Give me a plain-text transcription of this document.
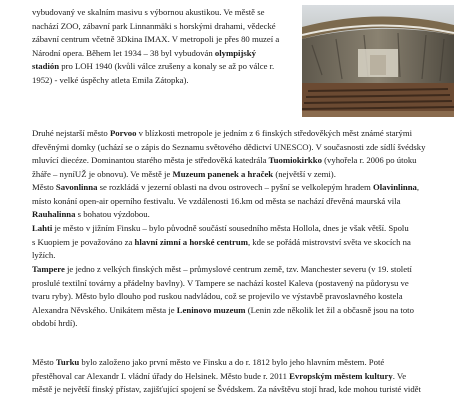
vybudovaný ve skalním masivu s výbornou akustikou. Ve městě se
nachází ZOO, zábavní park Linnanmäki s horskými drahami, vědecké
zábavní centrum včetně 3Dkina IMAX. V metropoli je přes 80 muzeí a
Národní opera. Během let 1934 – 38 byl vybudován olympijský
stadión pro LOH 1940 (kvůli válce zrušeny a konaly se až po válce r.
1952) - velké úspěchy atleta Emila Zátopka).
Druhé nejstarší město Porvoo v blízkosti metropole je jedním z 6 finských středověkých měst známé starými
dřevěnými domky (uchází se o zápis do Seznamu světového dědictví UNESCO). V současnosti zde sídlí švédsky
mluvící diecéze. Dominantou starého města je středověká katedrála Tuomiokirkko (vyhořela r. 2006 po útoku
žháře – nyníUŽ je obnovu). Ve městě je Muzeum panenek a hraček (největší v zemi).
Město Savonlinna se rozkládá v jezerní oblasti na dvou ostrovech – pyšní se velkolepým hradem Olavinlinna,
místo konání open-air operního festivalu. Ve vzdálenosti 16.km od města se nachází dřevěná maurská vila
Rauhalinna s bohatou výzdobou.
Lahti je město v jižním Finsku – bylo původně součástí sousedního města Hollola, dnes je však větší. Spolu
s Kuopiem je považováno za hlavní zimní a horské centrum, kde se pořádá mistrovství světa ve skocích na
lyžích.
Tampere je jedno z velkých finských měst – průmyslové centrum země, tzv. Manchester severu (v 19. století
proslulé textilní továrny a přádelny bavlny). V Tampere se nachází kostel Kaleva (postavený na půdorysu ve
tvaru ryby). Město bylo dlouho pod ruskou nadvládou, což se projevilo ve výstavbě pravoslavného kostela
Alexandra Něvského. Unikátem města je Leninovo muzeum (Lenin zde několik let žil a občasně jsou na toto
období hrdí).
Město Turku bylo založeno jako první město ve Finsku a do r. 1812 bylo jeho hlavním městem. Poté
přestěhoval car Alexandr I. vládní úřady do Helsinek. Město bude r. 2011 Evropským městem kultury. Ve
městě je největší finský přístav, zajišťující spojení se Švédskem. Za návštěvu stojí hrad, kde mohou turisté vidět
